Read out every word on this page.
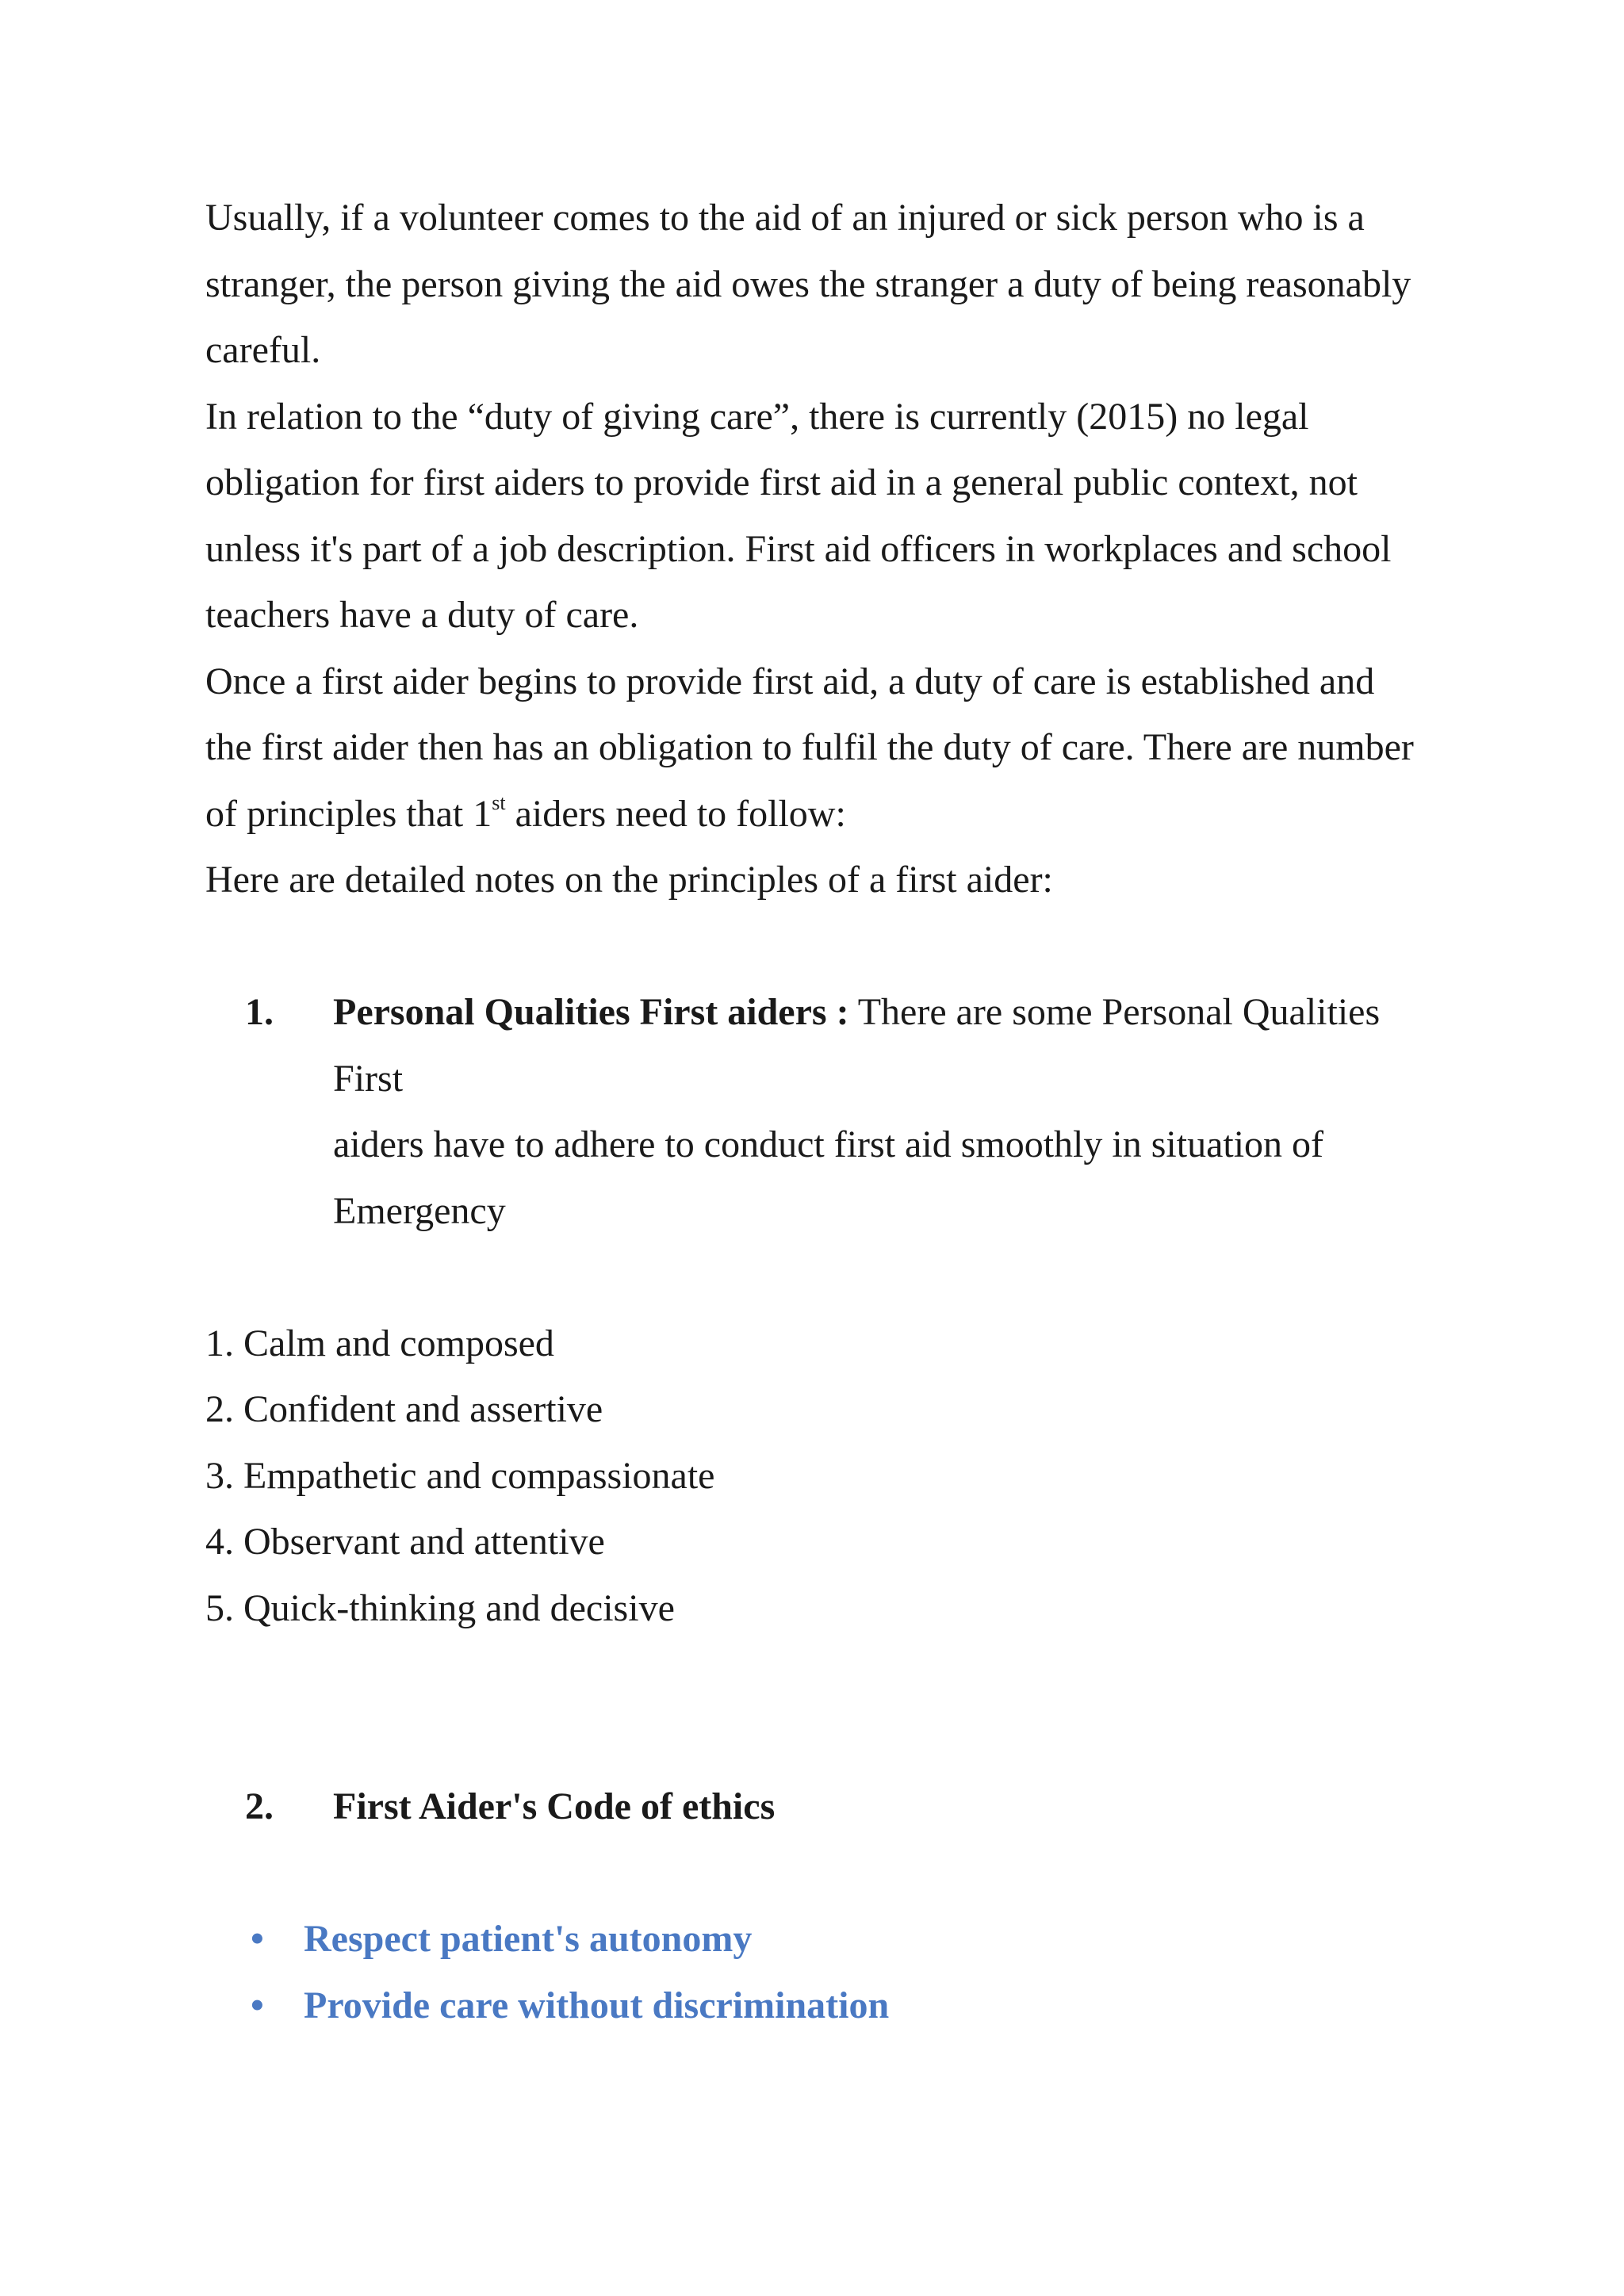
Usually, if a volunteer comes to the aid of an injured or sick person who is a
stranger, the person giving the aid owes the stranger a duty of being reasonably
careful.
In relation to the “duty of giving care”, there is currently (2015) no legal
obligation for first aiders to provide first aid in a general public context, not
unless it's part of a job description. First aid officers in workplaces and school
teachers have a duty of care.
Once a first aider begins to provide first aid, a duty of care is established and
the first aider then has an obligation to fulfil the duty of care. There are number
of principles that 1st aiders need to follow:
Here are detailed notes on the principles of a first aider:
1. Personal Qualities First aiders : There are some Personal Qualities First
aiders have to adhere to conduct first aid smoothly in situation of
Emergency
1. Calm and composed
2. Confident and assertive
3. Empathetic and compassionate
4. Observant and attentive
5. Quick-thinking and decisive
2. First Aider's Code of ethics
•	Respect patient's autonomy
•	Provide care without discrimination
